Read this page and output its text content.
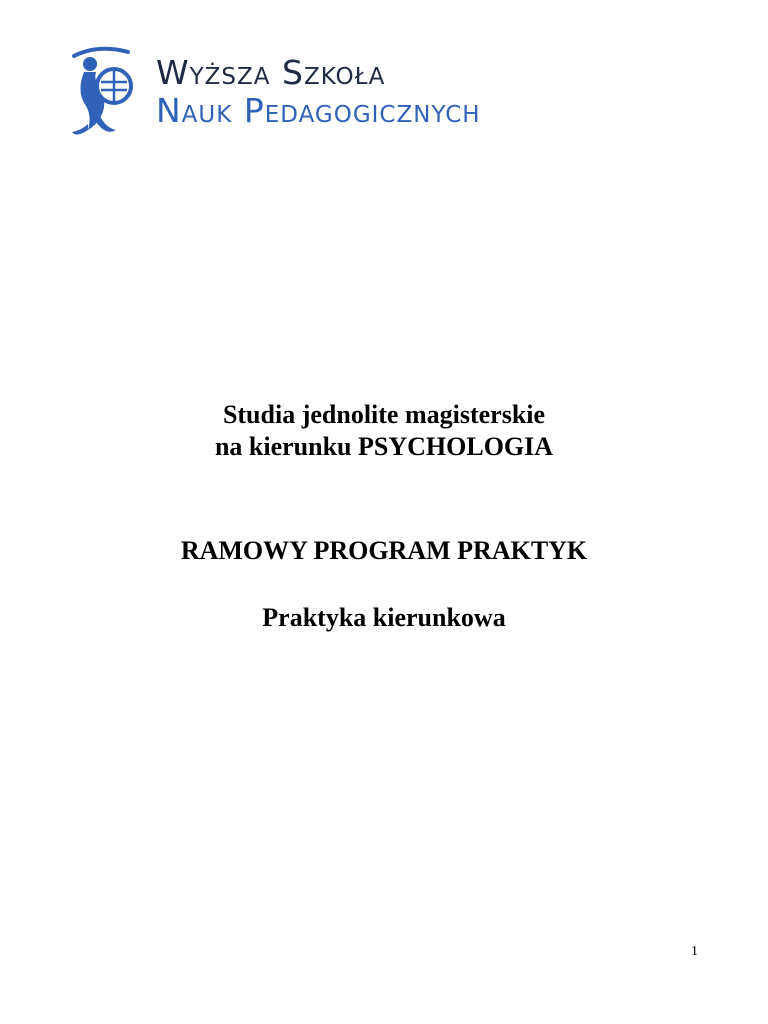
Wyższa Szkoła
Nauk Pedagogicznych
Studia jednolite magisterskie
na kierunku PSYCHOLOGIA
RAMOWY PROGRAM PRAKTYK
Praktyka kierunkowa
1
